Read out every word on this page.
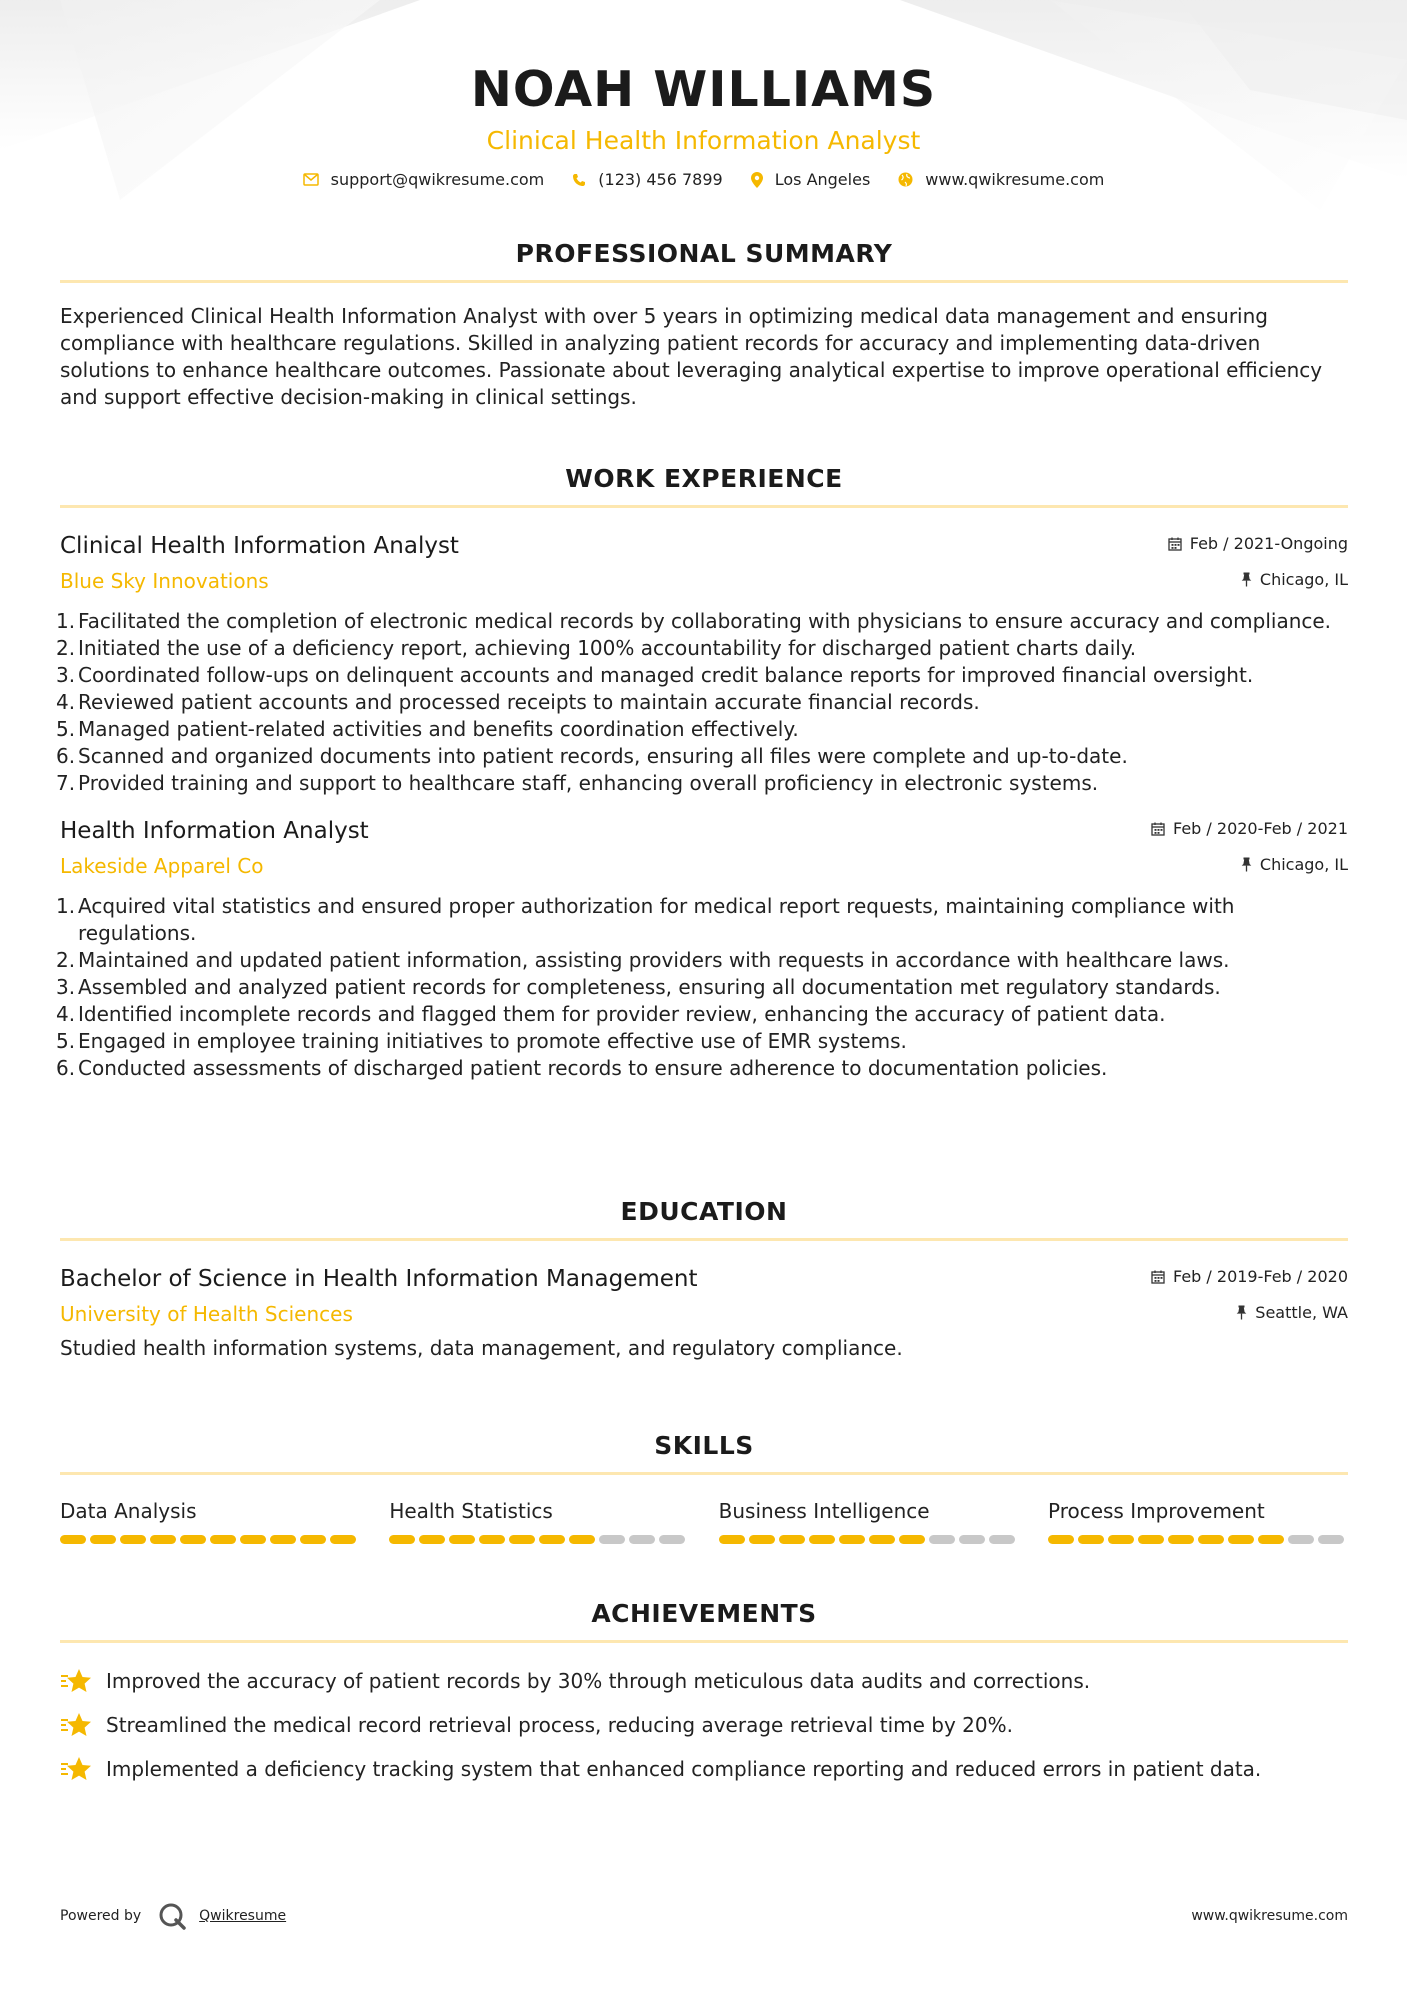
NOAH WILLIAMS
Clinical Health Information Analyst
support@qwikresume.com	(123) 456 7899	Los Angeles	www.qwikresume.com
PROFESSIONAL SUMMARY
Experienced Clinical Health Information Analyst with over 5 years in optimizing medical data management and ensuring compliance with healthcare regulations. Skilled in analyzing patient records for accuracy and implementing data-driven solutions to enhance healthcare outcomes. Passionate about leveraging analytical expertise to improve operational efficiency and support effective decision-making in clinical settings.
WORK EXPERIENCE
Clinical Health Information Analyst	Feb / 2021-Ongoing
Blue Sky Innovations	Chicago, IL
1. Facilitated the completion of electronic medical records by collaborating with physicians to ensure accuracy and compliance.
2. Initiated the use of a deficiency report, achieving 100% accountability for discharged patient charts daily.
3. Coordinated follow-ups on delinquent accounts and managed credit balance reports for improved financial oversight.
4. Reviewed patient accounts and processed receipts to maintain accurate financial records.
5. Managed patient-related activities and benefits coordination effectively.
6. Scanned and organized documents into patient records, ensuring all files were complete and up-to-date.
7. Provided training and support to healthcare staff, enhancing overall proficiency in electronic systems.
Health Information Analyst	Feb / 2020-Feb / 2021
Lakeside Apparel Co	Chicago, IL
1. Acquired vital statistics and ensured proper authorization for medical report requests, maintaining compliance with regulations.
2. Maintained and updated patient information, assisting providers with requests in accordance with healthcare laws.
3. Assembled and analyzed patient records for completeness, ensuring all documentation met regulatory standards.
4. Identified incomplete records and flagged them for provider review, enhancing the accuracy of patient data.
5. Engaged in employee training initiatives to promote effective use of EMR systems.
6. Conducted assessments of discharged patient records to ensure adherence to documentation policies.
EDUCATION
Bachelor of Science in Health Information Management	Feb / 2019-Feb / 2020
University of Health Sciences	Seattle, WA
Studied health information systems, data management, and regulatory compliance.
SKILLS
Data Analysis	Health Statistics	Business Intelligence	Process Improvement
ACHIEVEMENTS
Improved the accuracy of patient records by 30% through meticulous data audits and corrections.
Streamlined the medical record retrieval process, reducing average retrieval time by 20%.
Implemented a deficiency tracking system that enhanced compliance reporting and reduced errors in patient data.
Powered by	Qwikresume	www.qwikresume.com
